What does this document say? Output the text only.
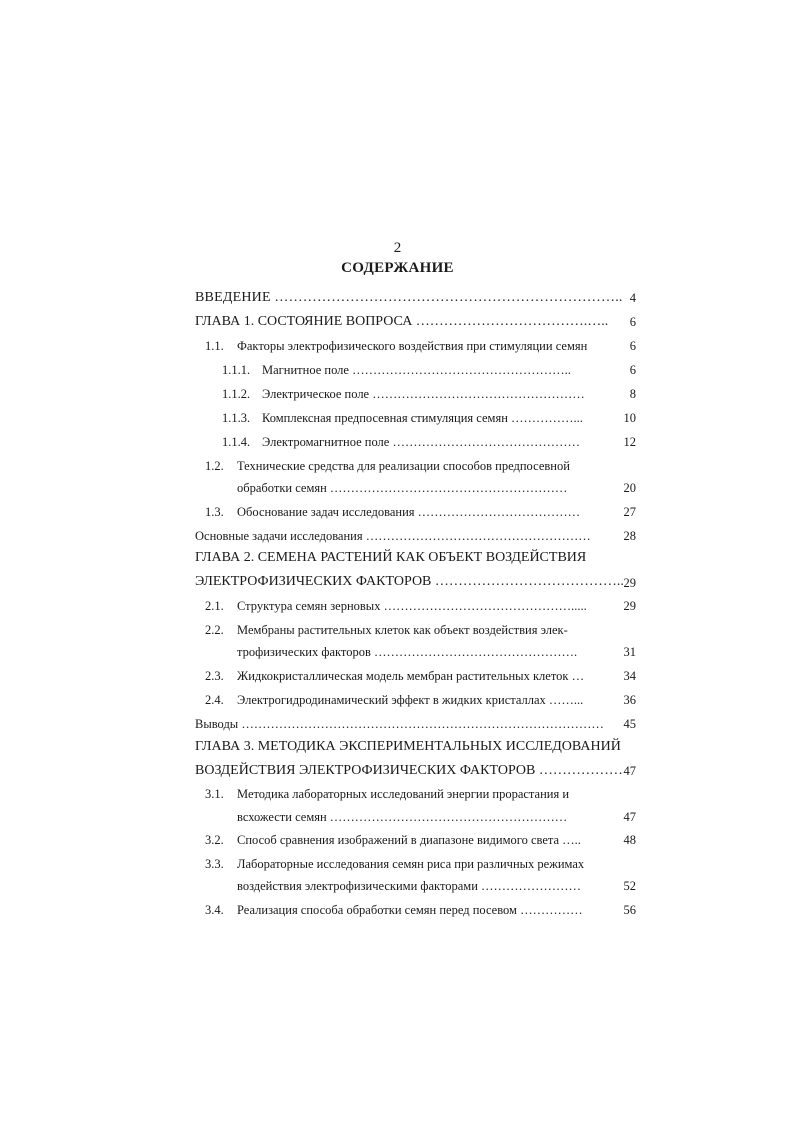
2
СОДЕРЖАНИЕ
ВВЕДЕНИЕ ……………………………………………………………….. 4
ГЛАВА 1. СОСТОЯНИЕ ВОПРОСА ……………………………….…..	6
1.1. Факторы электрофизического воздействия при стимуляции семян	6
1.1.1. Магнитное поле ……………………………………………..	6
1.1.2. Электрическое поле ……………………………………………	8
1.1.3. Комплексная предпосевная стимуляция семян ……………...	10
1.1.4. Электромагнитное поле ………………………………………	12
1.2. Технические средства для реализации способов предпосевной
обработки семян …………………………………………………	20
1.3. Обоснование задач исследования …………………………………	27
Основные задачи исследования ………………………………………………	28
ГЛАВА 2. СЕМЕНА РАСТЕНИЙ КАК ОБЪЕКТ ВОЗДЕЙСТВИЯ
ЭЛЕКТРОФИЗИЧЕСКИХ ФАКТОРОВ ………………………………….. 29
2.1. Структура семян зерновых ……………………………………….....	29
2.2. Мембраны растительных клеток как объект воздействия элек-
трофизических факторов ………………………………………….	31
2.3. Жидкокристаллическая модель мембран растительных клеток …	34
2.4. Электрогидродинамический эффект в жидких кристаллах ……...	36
Выводы ……………………………………………………………………………	45
ГЛАВА 3. МЕТОДИКА ЭКСПЕРИМЕНТАЛЬНЫХ ИССЛЕДОВАНИЙ
ВОЗДЕЙСТВИЯ ЭЛЕКТРОФИЗИЧЕСКИХ ФАКТОРОВ ……………… 47
3.1. Методика лабораторных исследований энергии прорастания и
всхожести семян …………………………………………………	47
3.2. Способ сравнения изображений в диапазоне видимого света …..	48
3.3. Лабораторные исследования семян риса при различных режимах
воздействия электрофизическими факторами ……………………	52
3.4. Реализация способа обработки семян перед посевом ……………	56
